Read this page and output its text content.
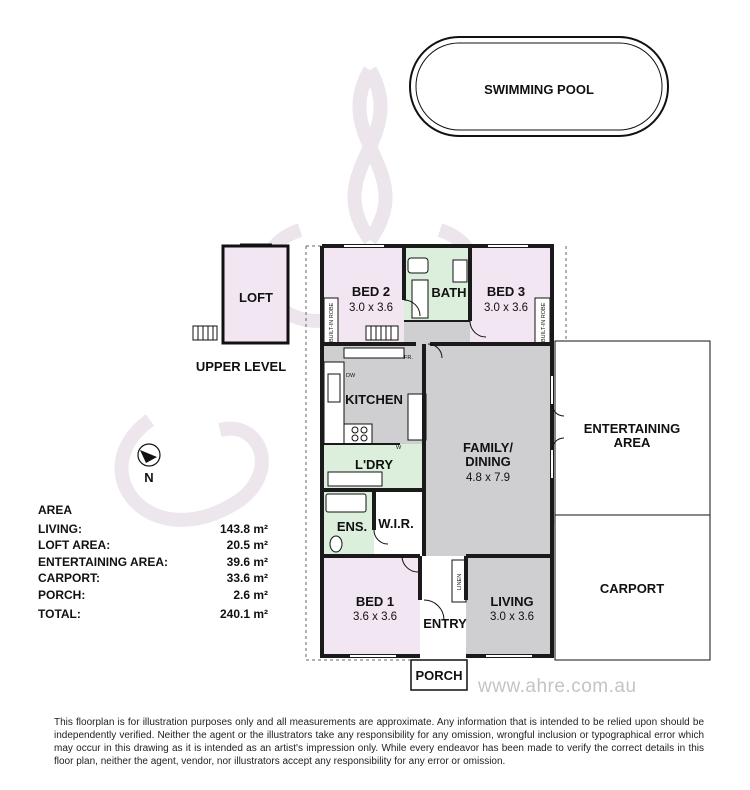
SWIMMING POOL
LOFT
UPPER LEVEL
BED 2
3.0 x 3.6
BATH BED 3
3.0 x 3.6
BUILT-IN ROBE	BUILT-IN ROBE
FR.
DW
W
KITCHEN
L'DRY
FAMILY/
DINING
4.8 x 7.9
ENTERTAINING
AREA
ENS. W.I.R.
LINEN
BED 1
3.6 x 3.6
LIVING
3.0 x 3.6
ENTRY
CARPORT
PORCH
N
AREA
LIVING:	143.8 m²
LOFT AREA:	20.5 m²
ENTERTAINING AREA:	39.6 m²
CARPORT:	33.6 m²
PORCH:	2.6 m²
TOTAL:	240.1 m²
www.ahre.com.au
This floorplan is for illustration purposes only and all measurements are approximate. Any information that is intended to be relied upon should be independently verified. Neither the agent or the illustrators take any responsibility for any omission, wrongful inclusion or typographical error which may occur in this drawing as it is intended as an artist's impression only. While every endeavor has been made to verify the correct details in this floor plan, neither the agent, vendor, nor illustrators accept any responsibility for any error or omission.
